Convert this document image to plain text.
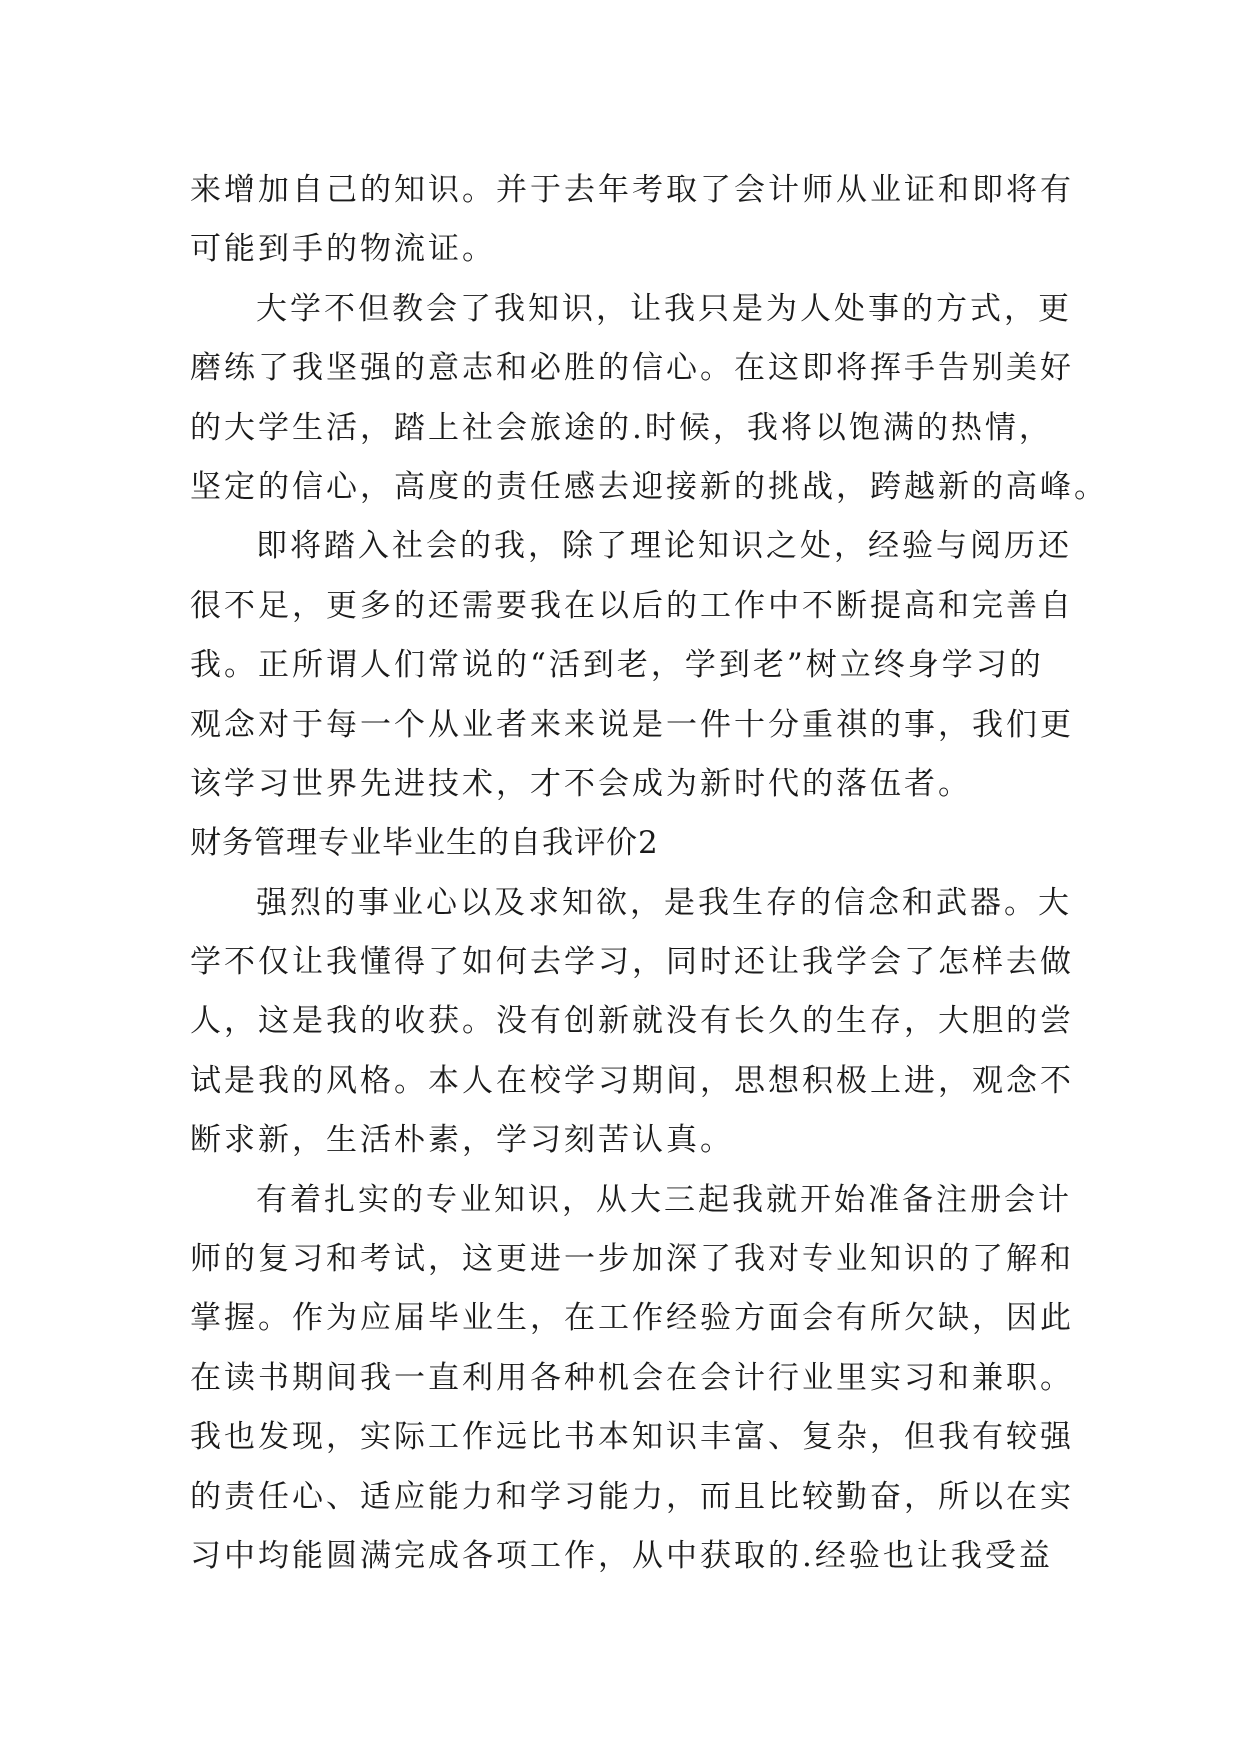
来增加自己的知识。并于去年考取了会计师从业证和即将有
可能到手的物流证。
大学不但教会了我知识，让我只是为人处事的方式，更
磨练了我坚强的意志和必胜的信心。在这即将挥手告别美好
的大学生活，踏上社会旅途的.时候，我将以饱满的热情，
坚定的信心，高度的责任感去迎接新的挑战，跨越新的高峰。
即将踏入社会的我，除了理论知识之处，经验与阅历还
很不足，更多的还需要我在以后的工作中不断提高和完善自
我。正所谓人们常说的“活到老，学到老”树立终身学习的
观念对于每一个从业者来来说是一件十分重祺的事，我们更
该学习世界先进技术，才不会成为新时代的落伍者。
财务管理专业毕业生的自我评价2
强烈的事业心以及求知欲，是我生存的信念和武器。大
学不仅让我懂得了如何去学习，同时还让我学会了怎样去做
人，这是我的收获。没有创新就没有长久的生存，大胆的尝
试是我的风格。本人在校学习期间，思想积极上进，观念不
断求新，生活朴素，学习刻苦认真。
有着扎实的专业知识，从大三起我就开始准备注册会计
师的复习和考试，这更进一步加深了我对专业知识的了解和
掌握。作为应届毕业生，在工作经验方面会有所欠缺，因此
在读书期间我一直利用各种机会在会计行业里实习和兼职。
我也发现，实际工作远比书本知识丰富、复杂，但我有较强
的责任心、适应能力和学习能力，而且比较勤奋，所以在实
习中均能圆满完成各项工作，从中获取的.经验也让我受益
